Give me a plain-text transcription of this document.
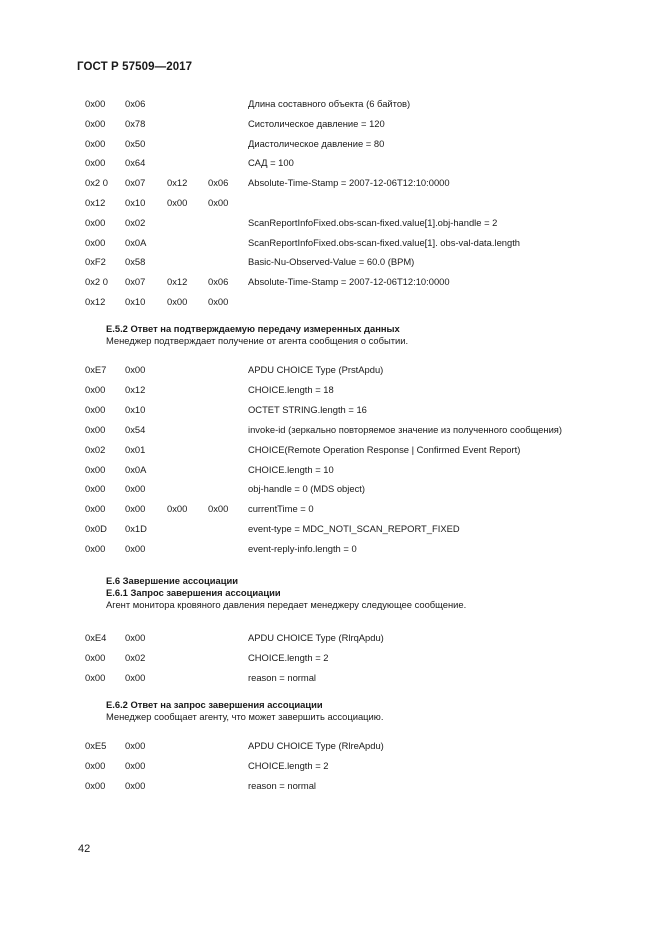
ГОСТ Р 57509—2017
0x00 0x06	Длина составного объекта (6 байтов)
0x00 0x78	Систолическое давление = 120
0x00 0x50	Диастолическое давление = 80
0x00 0x64	САД = 100
0x2 0 0x07 0x12 0x06 Absolute-Time-Stamp = 2007-12-06T12:10:0000
0x12 0x10 0x00 0x00
0x00 0x02	ScanReportInfoFixed.obs-scan-fixed.value[1].obj-handle = 2
0x00 0x0A	ScanReportInfoFixed.obs-scan-fixed.value[1]. obs-val-data.length
0xF2 0x58	Basic-Nu-Observed-Value = 60.0 (BPM)
0x2 0 0x07 0x12 0x06 Absolute-Time-Stamp = 2007-12-06T12:10:0000
0x12 0x10 0x00 0x00
Е.5.2 Ответ на подтверждаемую передачу измеренных данных
Менеджер подтверждает получение от агента сообщения о событии.
0xE7 0x00	APDU CHOICE Type (PrstApdu)
0x00 0x12	CHOICE.length = 18
0x00 0x10	OCTET STRING.length = 16
0x00 0x54	invoke-id (зеркально повторяемое значение из полученного сообщения)
0x02 0x01	CHOICE(Remote Operation Response | Confirmed Event Report)
0x00 0x0A	CHOICE.length = 10
0x00 0x00	obj-handle = 0 (MDS object)
0x00 0x00 0x00 0x00 currentTime = 0
0x0D 0x1D	event-type = MDC_NOTI_SCAN_REPORT_FIXED
0x00 0x00	event-reply-info.length = 0
Е.6 Завершение ассоциации
Е.6.1 Запрос завершения ассоциации
Агент монитора кровяного давления передает менеджеру следующее сообщение.
0xE4 0x00	APDU CHOICE Type (RlrqApdu)
0x00 0x02	CHOICE.length = 2
0x00 0x00	reason = normal
Е.6.2 Ответ на запрос завершения ассоциации
Менеджер сообщает агенту, что может завершить ассоциацию.
0xE5 0x00	APDU CHOICE Type (RlreApdu)
0x00 0x00	CHOICE.length = 2
0x00 0x00	reason = normal
42
